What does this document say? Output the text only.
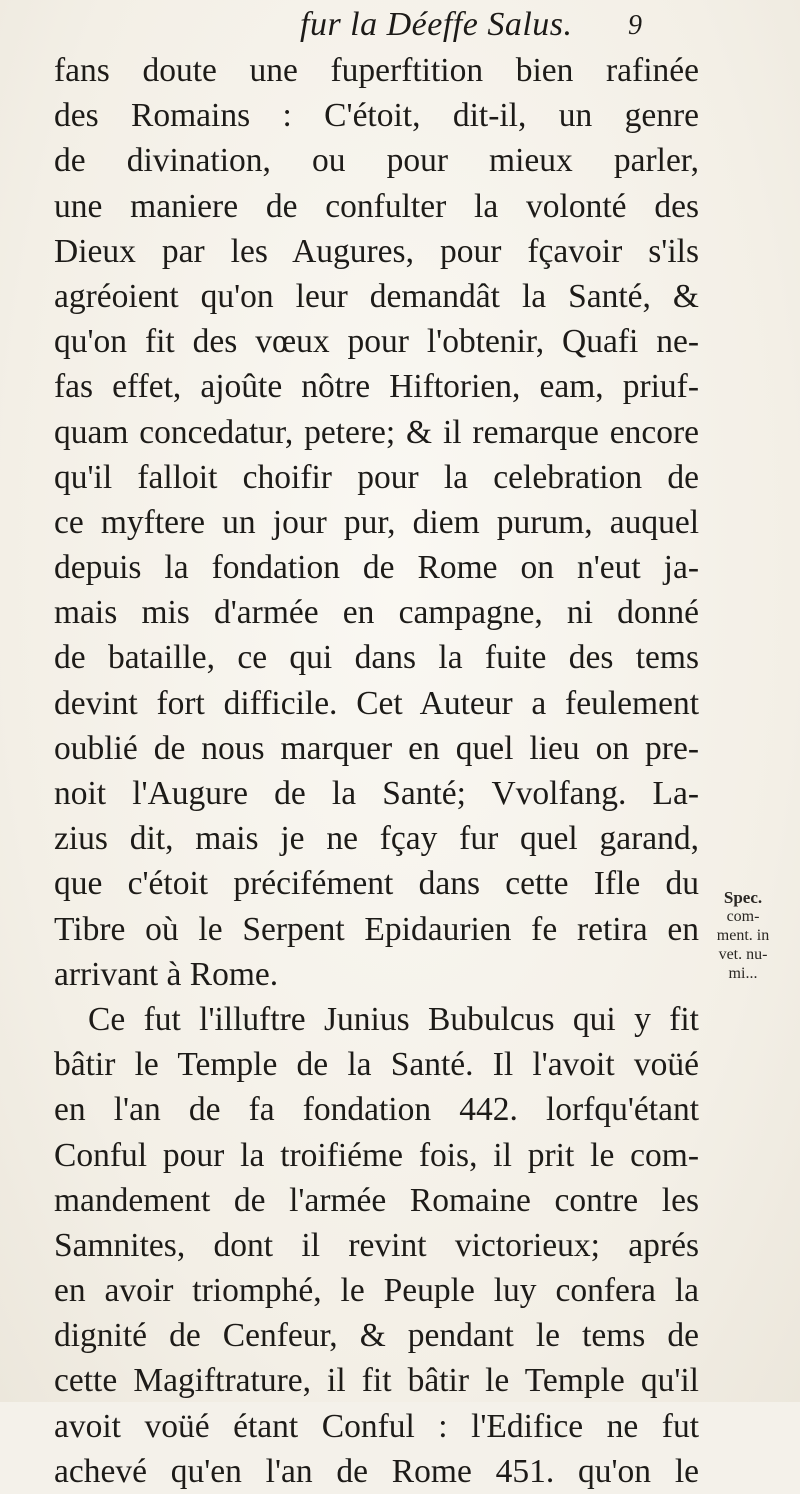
fur la Déeffe Salus. 9
fans doute une fuperftition bien rafinée
des Romains : C'étoit, dit-il, un genre
de divination, ou pour mieux parler,
une maniere de confulter la volonté des
Dieux par les Augures, pour fçavoir s'ils
agréoient qu'on leur demandât la Santé, &
qu'on fit des vœux pour l'obtenir, Quafi ne-
fas effet, ajoûte nôtre Hiftorien, eam, priuf-
quam concedatur, petere; & il remarque encore
qu'il falloit choifir pour la celebration de
ce myftere un jour pur, diem purum, auquel
depuis la fondation de Rome on n'eut ja-
mais mis d'armée en campagne, ni donné
de bataille, ce qui dans la fuite des tems
devint fort difficile. Cet Auteur a feulement
oublié de nous marquer en quel lieu on pre-
noit l'Augure de la Santé; Vvolfang. La-
zius dit, mais je ne fçay fur quel garand,
que c'étoit précifément dans cette Ifle du
Tibre où le Serpent Epidaurien fe retira en
arrivant à Rome.
Ce fut l'illuftre Junius Bubulcus qui y fit
bâtir le Temple de la Santé. Il l'avoit voüé
en l'an de fa fondation 442. lorfqu'étant
Conful pour la troifiéme fois, il prit le com-
mandement de l'armée Romaine contre les
Samnites, dont il revint victorieux; aprés
en avoir triomphé, le Peuple luy confera la
dignité de Cenfeur, & pendant le tems de
cette Magiftrature, il fit bâtir le Temple qu'il
avoit voüé étant Conful : l'Edifice ne fut
achevé qu'en l'an de Rome 451. qu'on le
Spec.
com-
ment. in
vet. nu-
mi...
